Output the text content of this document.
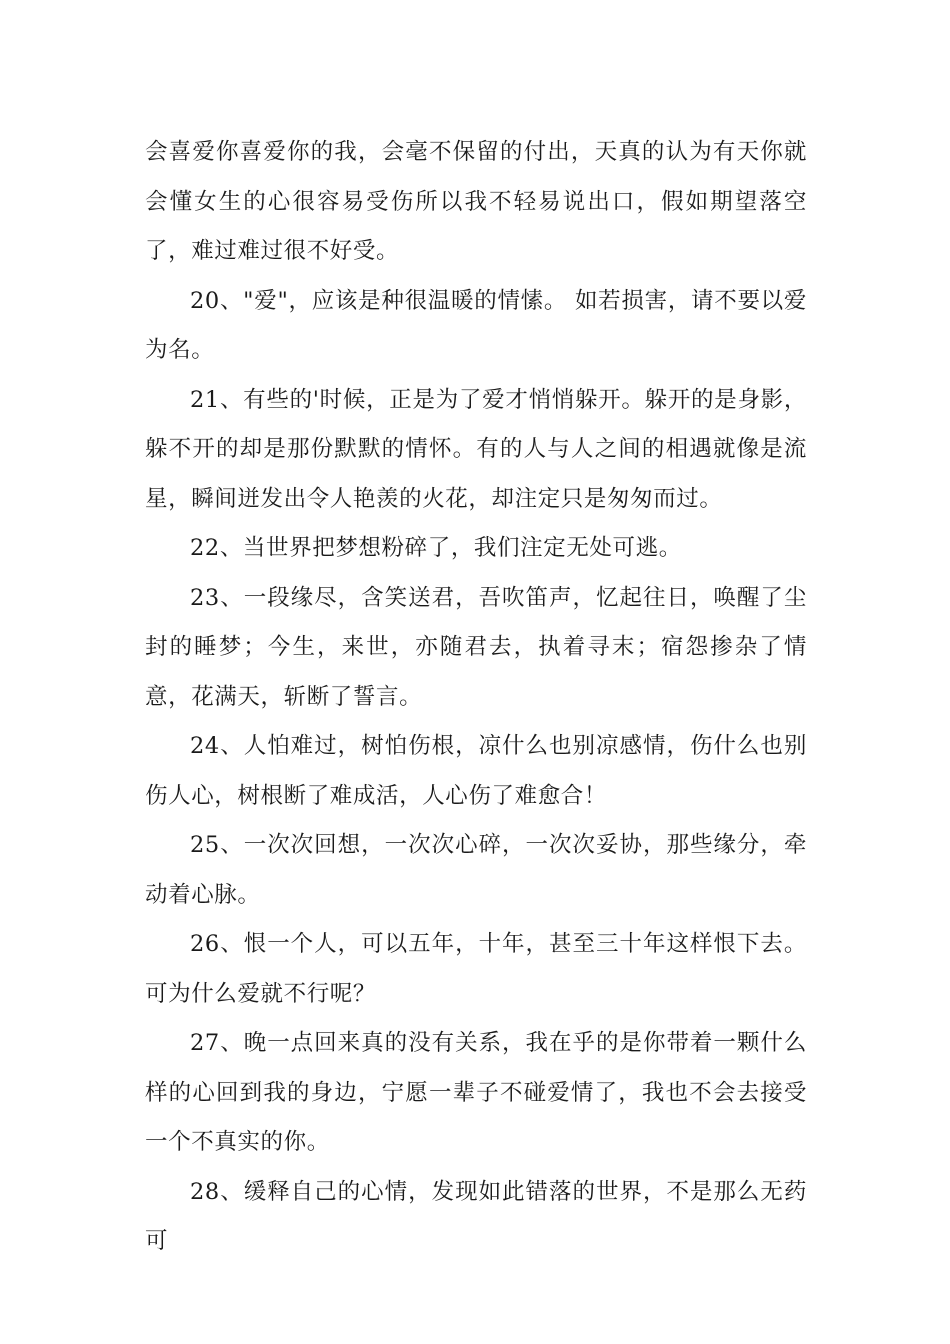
会喜爱你喜爱你的我，会毫不保留的付出，天真的认为有天你就会懂女生的心很容易受伤所以我不轻易说出口，假如期望落空了，难过难过很不好受。

20、"爱"，应该是种很温暖的情愫。 如若损害，请不要以爱为名。

21、有些的'时候，正是为了爱才悄悄躲开。躲开的是身影，躲不开的却是那份默默的情怀。有的人与人之间的相遇就像是流星，瞬间迸发出令人艳羡的火花，却注定只是匆匆而过。

22、当世界把梦想粉碎了，我们注定无处可逃。

23、一段缘尽，含笑送君，吾吹笛声，忆起往日，唤醒了尘封的睡梦；今生，来世，亦随君去，执着寻末；宿怨掺杂了情意，花满天，斩断了誓言。

24、人怕难过，树怕伤根，凉什么也别凉感情，伤什么也别伤人心，树根断了难成活，人心伤了难愈合！

25、一次次回想，一次次心碎，一次次妥协，那些缘分，牵动着心脉。

26、恨一个人，可以五年，十年，甚至三十年这样恨下去。可为什么爱就不行呢？

27、晚一点回来真的没有关系，我在乎的是你带着一颗什么样的心回到我的身边，宁愿一辈子不碰爱情了，我也不会去接受一个不真实的你。

28、缓释自己的心情，发现如此错落的世界，不是那么无药可
